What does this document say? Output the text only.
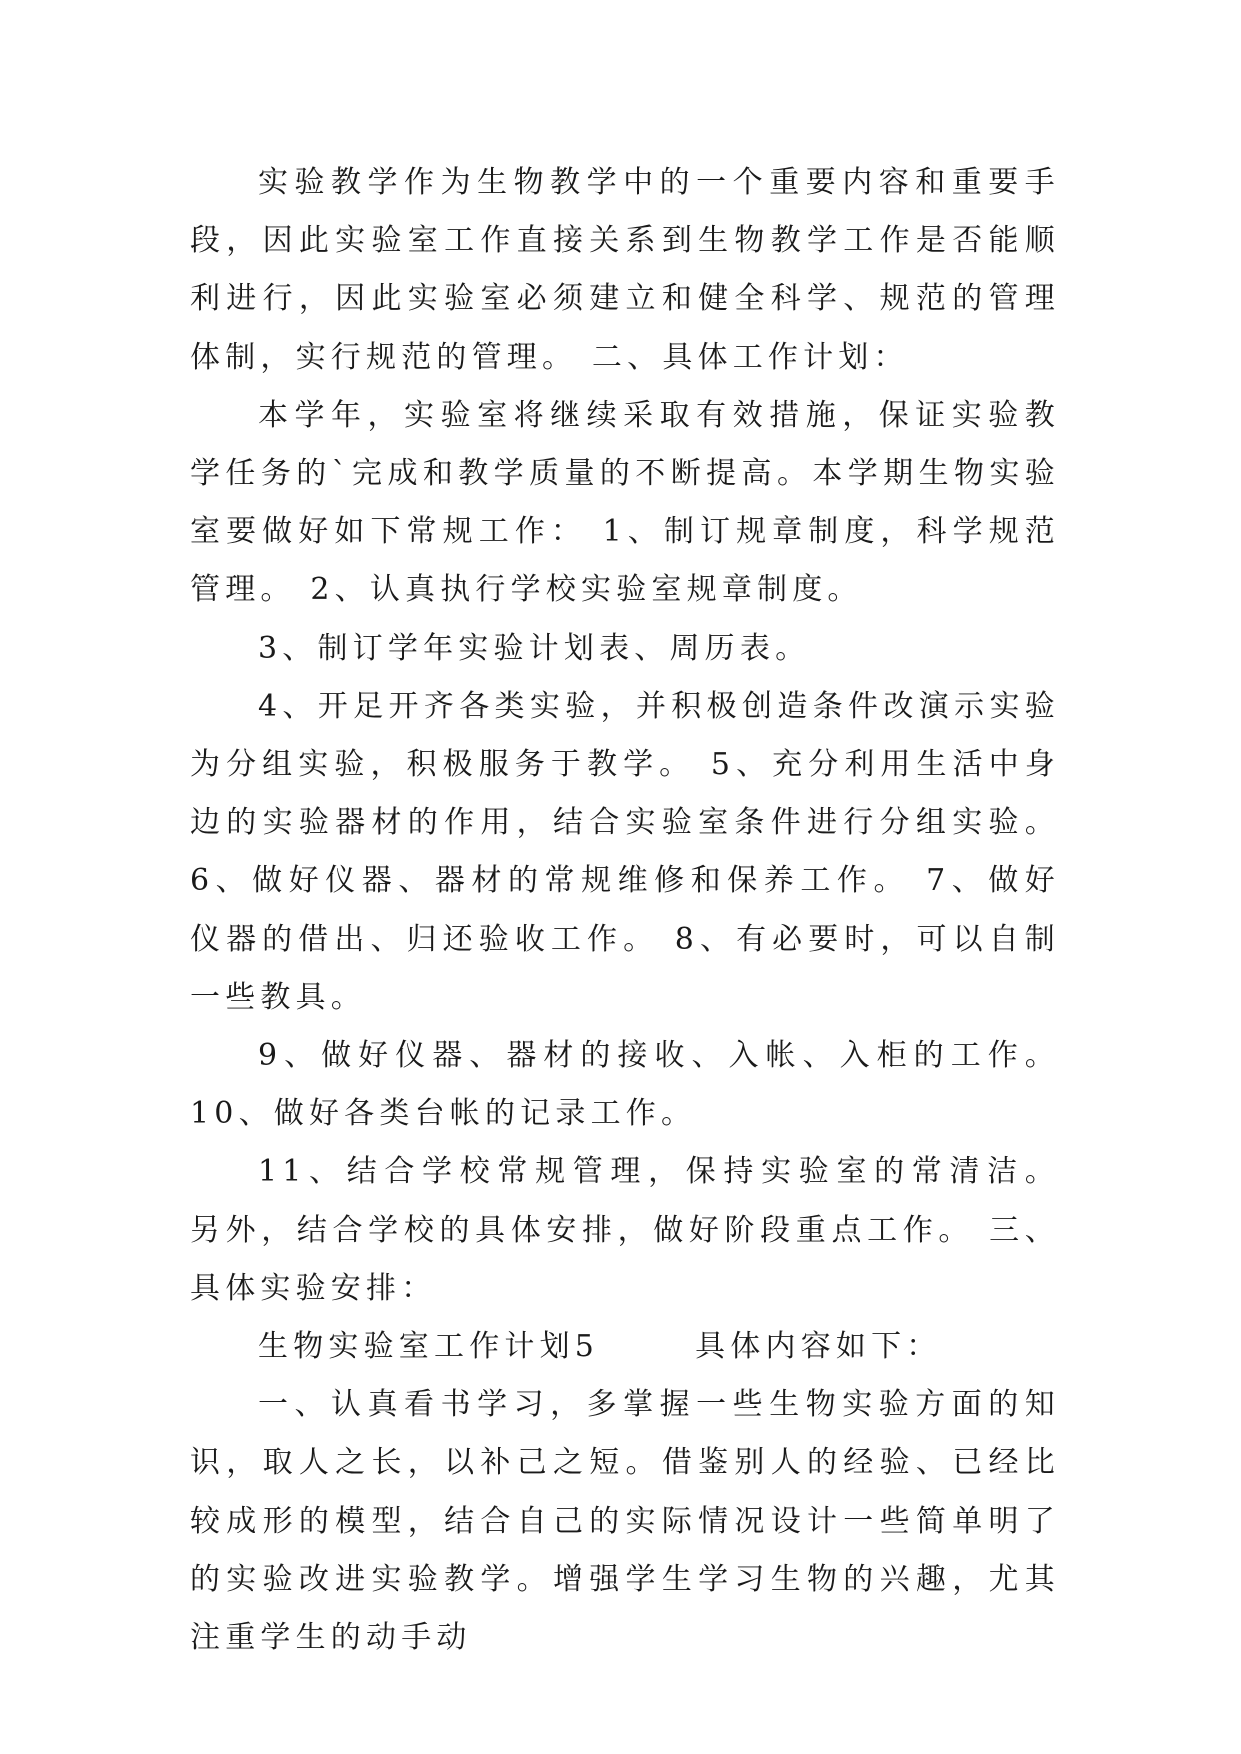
实验教学作为生物教学中的一个重要内容和重要手段，因此实验室工作直接关系到生物教学工作是否能顺利进行，因此实验室必须建立和健全科学、规范的管理体制，实行规范的管理。 二、具体工作计划：

本学年，实验室将继续采取有效措施，保证实验教学任务的`完成和教学质量的不断提高。本学期生物实验室要做好如下常规工作： 1、制订规章制度，科学规范管理。 2、认真执行学校实验室规章制度。

3、制订学年实验计划表、周历表。

4、开足开齐各类实验，并积极创造条件改演示实验为分组实验，积极服务于教学。 5、充分利用生活中身边的实验器材的作用，结合实验室条件进行分组实验。 6、做好仪器、器材的常规维修和保养工作。 7、做好仪器的借出、归还验收工作。 8、有必要时，可以自制一些教具。

9、做好仪器、器材的接收、入帐、入柜的工作。 10、做好各类台帐的记录工作。

11、结合学校常规管理，保持实验室的常清洁。 另外，结合学校的具体安排，做好阶段重点工作。 三、具体实验安排：

生物实验室工作计划5	具体内容如下：

一、认真看书学习，多掌握一些生物实验方面的知识，取人之长，以补己之短。借鉴别人的经验、已经比较成形的模型，结合自己的实际情况设计一些简单明了的实验改进实验教学。增强学生学习生物的兴趣，尤其注重学生的动手动
